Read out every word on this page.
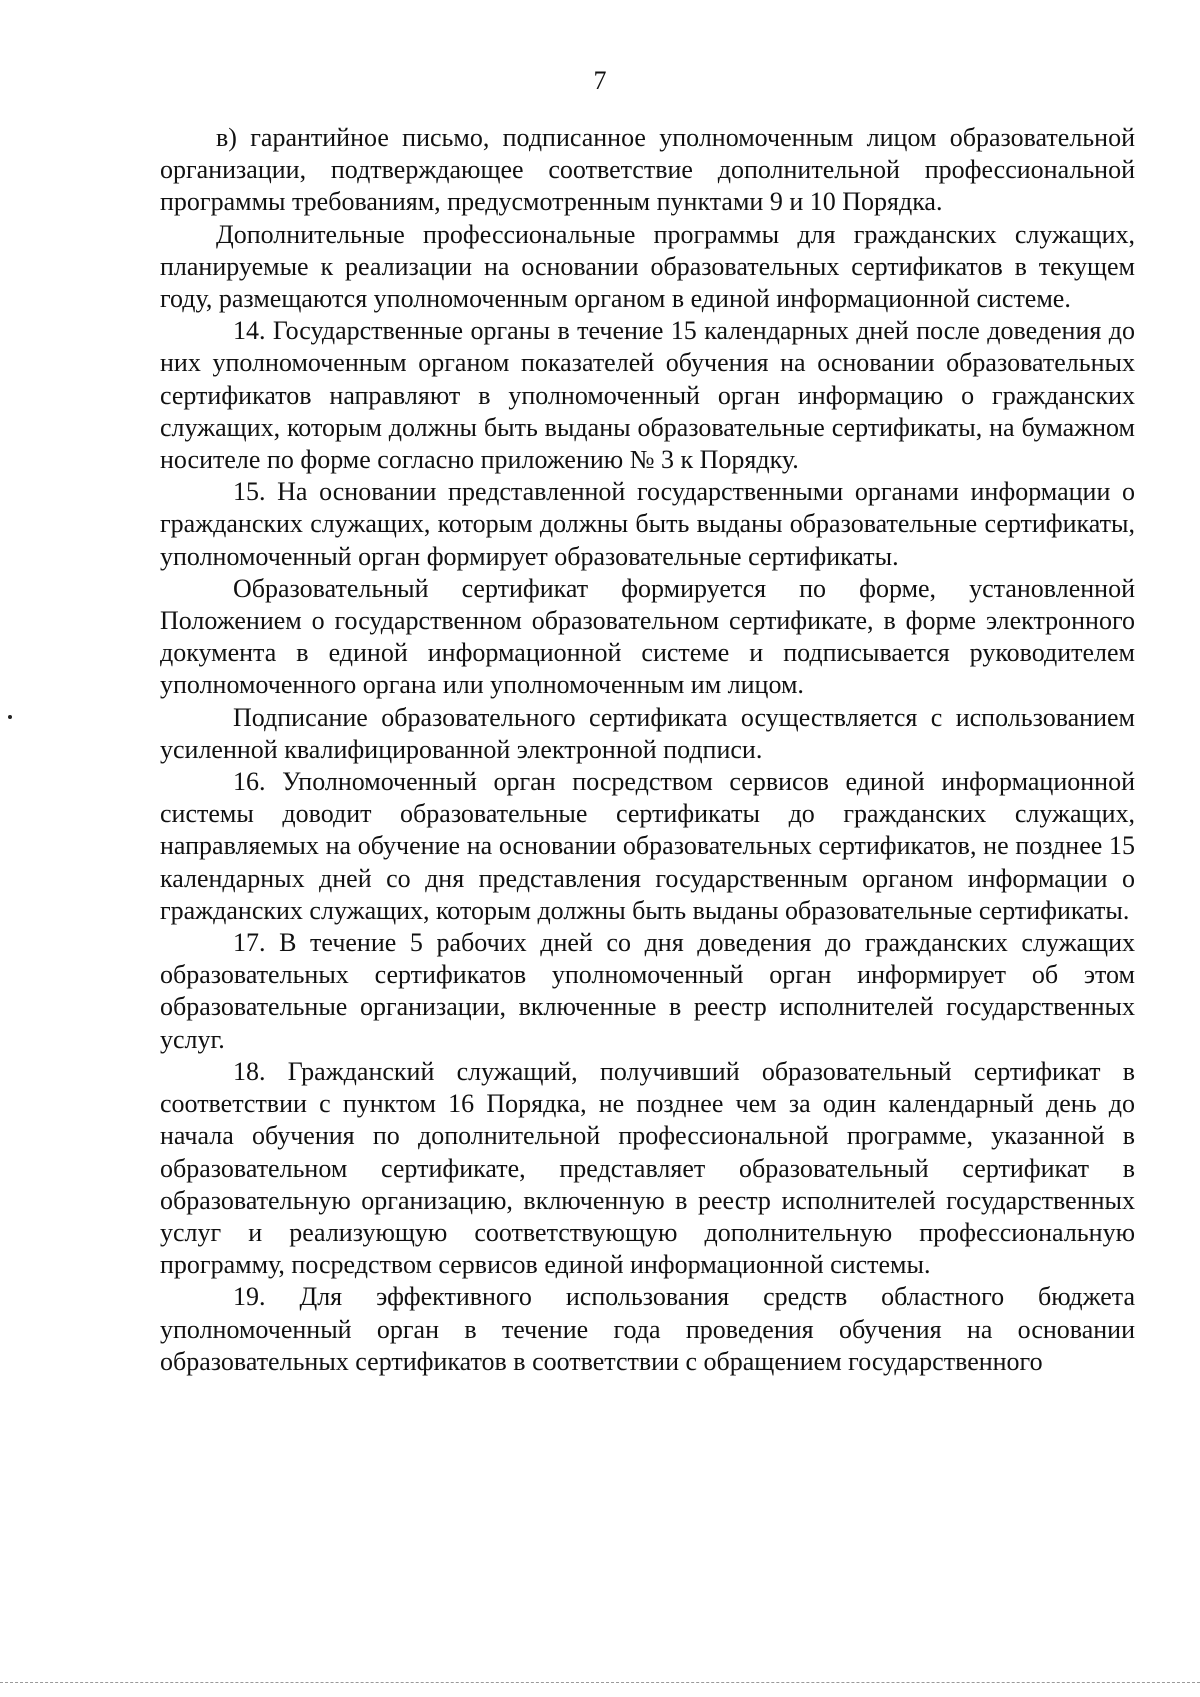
7

в) гарантийное письмо, подписанное уполномоченным лицом образовательной организации, подтверждающее соответствие дополнительной профессиональной программы требованиям, предусмотренным пунктами 9 и 10 Порядка.

Дополнительные профессиональные программы для гражданских служащих, планируемые к реализации на основании образовательных сертификатов в текущем году, размещаются уполномоченным органом в единой информационной системе.

14. Государственные органы в течение 15 календарных дней после доведения до них уполномоченным органом показателей обучения на основании образовательных сертификатов направляют в уполномоченный орган информацию о гражданских служащих, которым должны быть выданы образовательные сертификаты, на бумажном носителе по форме согласно приложению № 3 к Порядку.

15. На основании представленной государственными органами информации о гражданских служащих, которым должны быть выданы образовательные сертификаты, уполномоченный орган формирует образовательные сертификаты.

Образовательный сертификат формируется по форме, установленной Положением о государственном образовательном сертификате, в форме электронного документа в единой информационной системе и подписывается руководителем уполномоченного органа или уполномоченным им лицом.

Подписание образовательного сертификата осуществляется с использованием усиленной квалифицированной электронной подписи.

16. Уполномоченный орган посредством сервисов единой информационной системы доводит образовательные сертификаты до гражданских служащих, направляемых на обучение на основании образовательных сертификатов, не позднее 15 календарных дней со дня представления государственным органом информации о гражданских служащих, которым должны быть выданы образовательные сертификаты.

17. В течение 5 рабочих дней со дня доведения до гражданских служащих образовательных сертификатов уполномоченный орган информирует об этом образовательные организации, включенные в реестр исполнителей государственных услуг.

18. Гражданский служащий, получивший образовательный сертификат в соответствии с пунктом 16 Порядка, не позднее чем за один календарный день до начала обучения по дополнительной профессиональной программе, указанной в образовательном сертификате, представляет образовательный сертификат в образовательную организацию, включенную в реестр исполнителей государственных услуг и реализующую соответствующую дополнительную профессиональную программу, посредством сервисов единой информационной системы.

19. Для эффективного использования средств областного бюджета уполномоченный орган в течение года проведения обучения на основании образовательных сертификатов в соответствии с обращением государственного
